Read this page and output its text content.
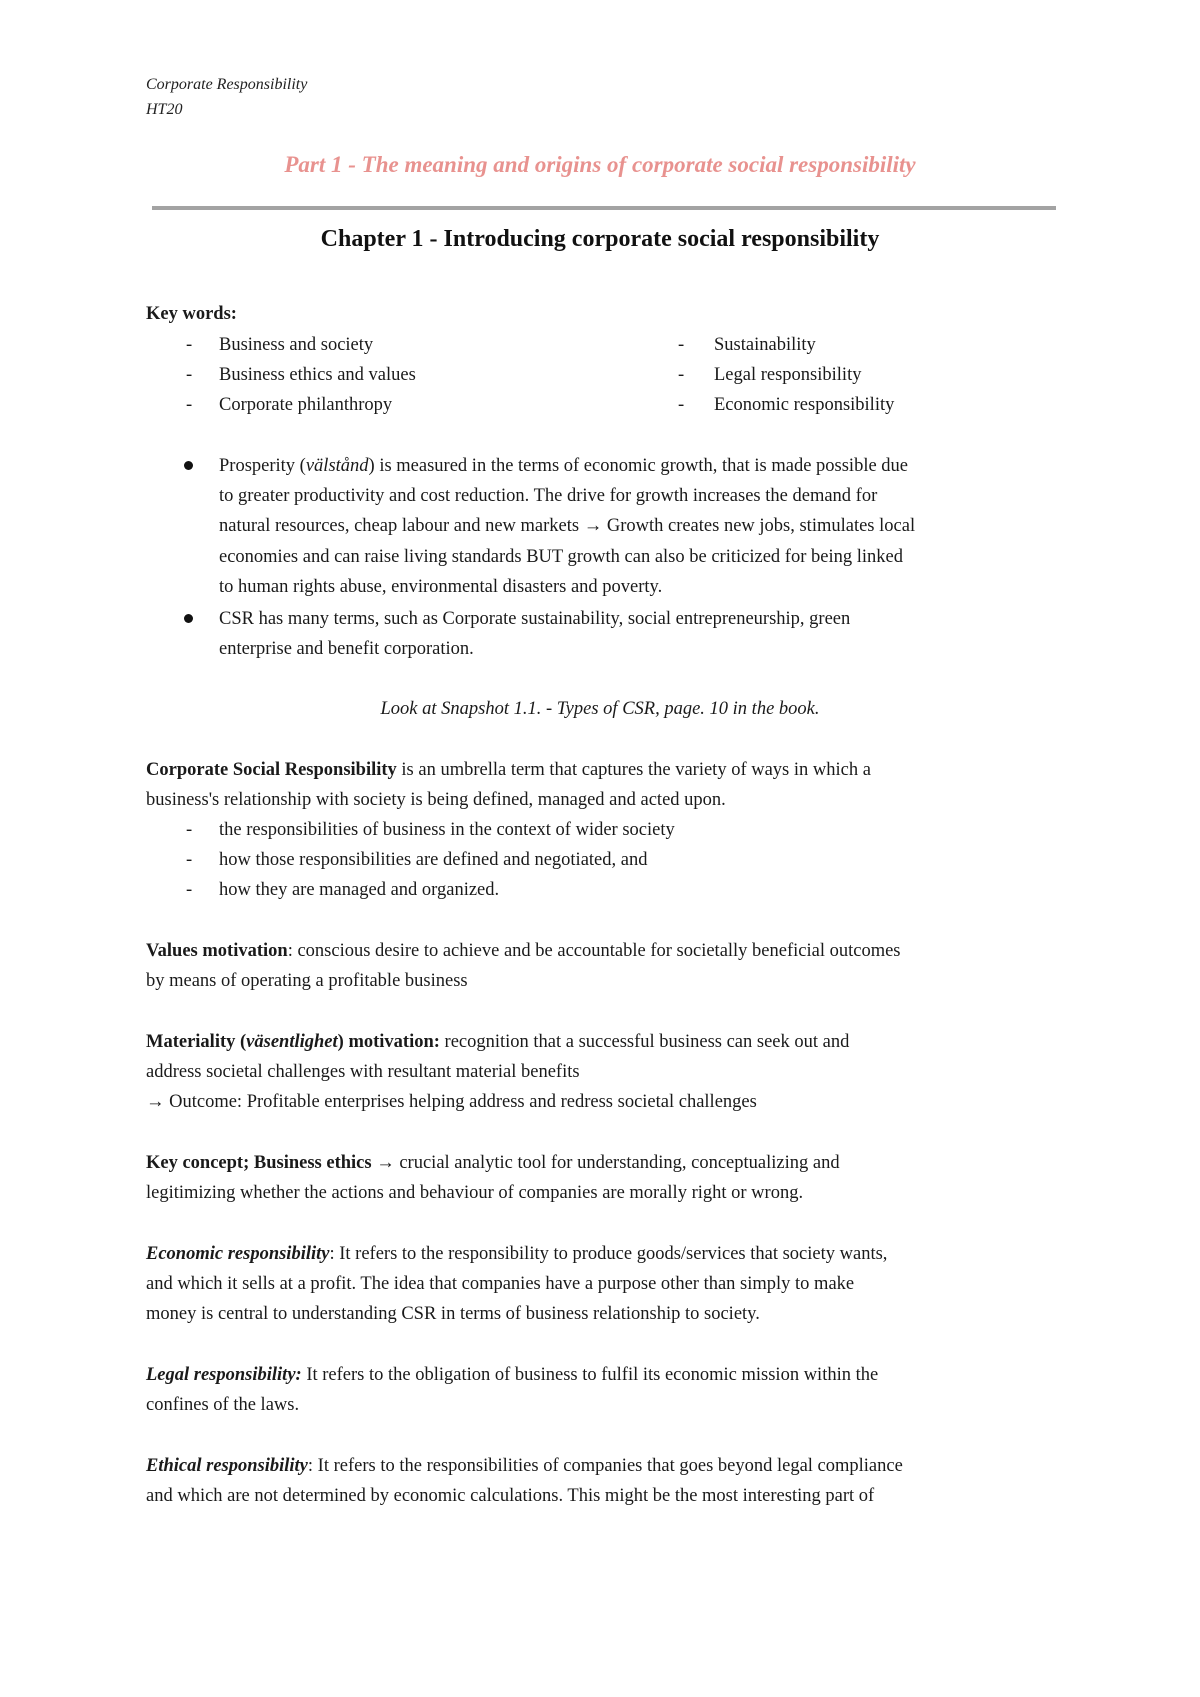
Corporate Responsibility
HT20
Part 1 - The meaning and origins of corporate social responsibility
Chapter 1 - Introducing corporate social responsibility
Key words:
- Business and society
- Business ethics and values
- Corporate philanthropy
- Sustainability
- Legal responsibility
- Economic responsibility
Prosperity (välstånd) is measured in the terms of economic growth, that is made possible due
to greater productivity and cost reduction. The drive for growth increases the demand for
natural resources, cheap labour and new markets → Growth creates new jobs, stimulates local
economies and can raise living standards BUT growth can also be criticized for being linked
to human rights abuse, environmental disasters and poverty.
CSR has many terms, such as Corporate sustainability, social entrepreneurship, green
enterprise and benefit corporation.
Look at Snapshot 1.1. - Types of CSR, page. 10 in the book.
Corporate Social Responsibility is an umbrella term that captures the variety of ways in which a
business's relationship with society is being defined, managed and acted upon.
- the responsibilities of business in the context of wider society
- how those responsibilities are defined and negotiated, and
- how they are managed and organized.
Values motivation: conscious desire to achieve and be accountable for societally beneficial outcomes
by means of operating a profitable business
Materiality (väsentlighet) motivation: recognition that a successful business can seek out and
address societal challenges with resultant material benefits
→ Outcome: Profitable enterprises helping address and redress societal challenges
Key concept; Business ethics → crucial analytic tool for understanding, conceptualizing and
legitimizing whether the actions and behaviour of companies are morally right or wrong.
Economic responsibility: It refers to the responsibility to produce goods/services that society wants,
and which it sells at a profit. The idea that companies have a purpose other than simply to make
money is central to understanding CSR in terms of business relationship to society.
Legal responsibility: It refers to the obligation of business to fulfil its economic mission within the
confines of the laws.
Ethical responsibility: It refers to the responsibilities of companies that goes beyond legal compliance
and which are not determined by economic calculations. This might be the most interesting part of
